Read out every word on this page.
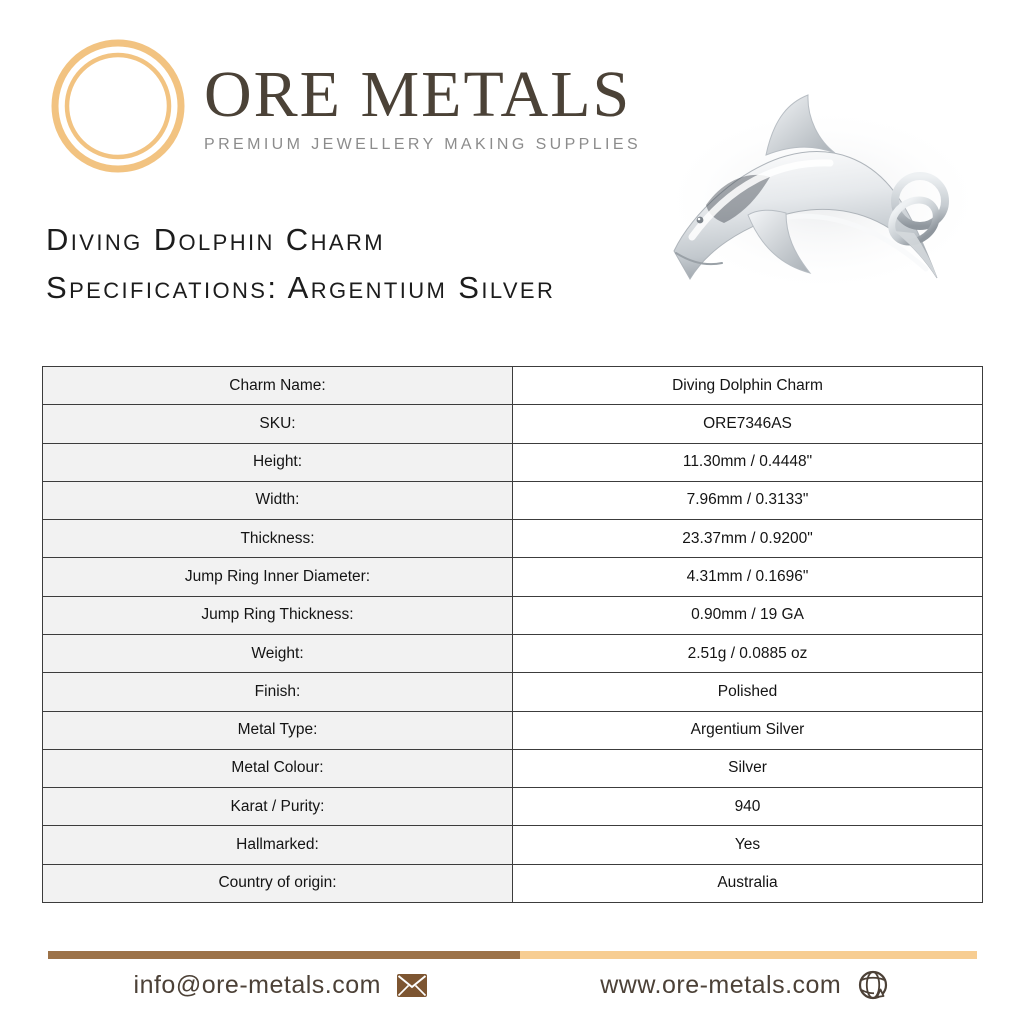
ORE METALS
PREMIUM JEWELLERY MAKING SUPPLIES
Diving Dolphin Charm
Specifications: Argentium Silver
Charm Name:	Diving Dolphin Charm
SKU:	ORE7346AS
Height:	11.30mm / 0.4448"
Width:	7.96mm / 0.3133"
Thickness:	23.37mm / 0.9200"
Jump Ring Inner Diameter:	4.31mm / 0.1696"
Jump Ring Thickness:	0.90mm / 19 GA
Weight:	2.51g / 0.0885 oz
Finish:	Polished
Metal Type:	Argentium Silver
Metal Colour:	Silver
Karat / Purity:	940
Hallmarked:	Yes
Country of origin:	Australia
info@ore-metals.com	www.ore-metals.com
